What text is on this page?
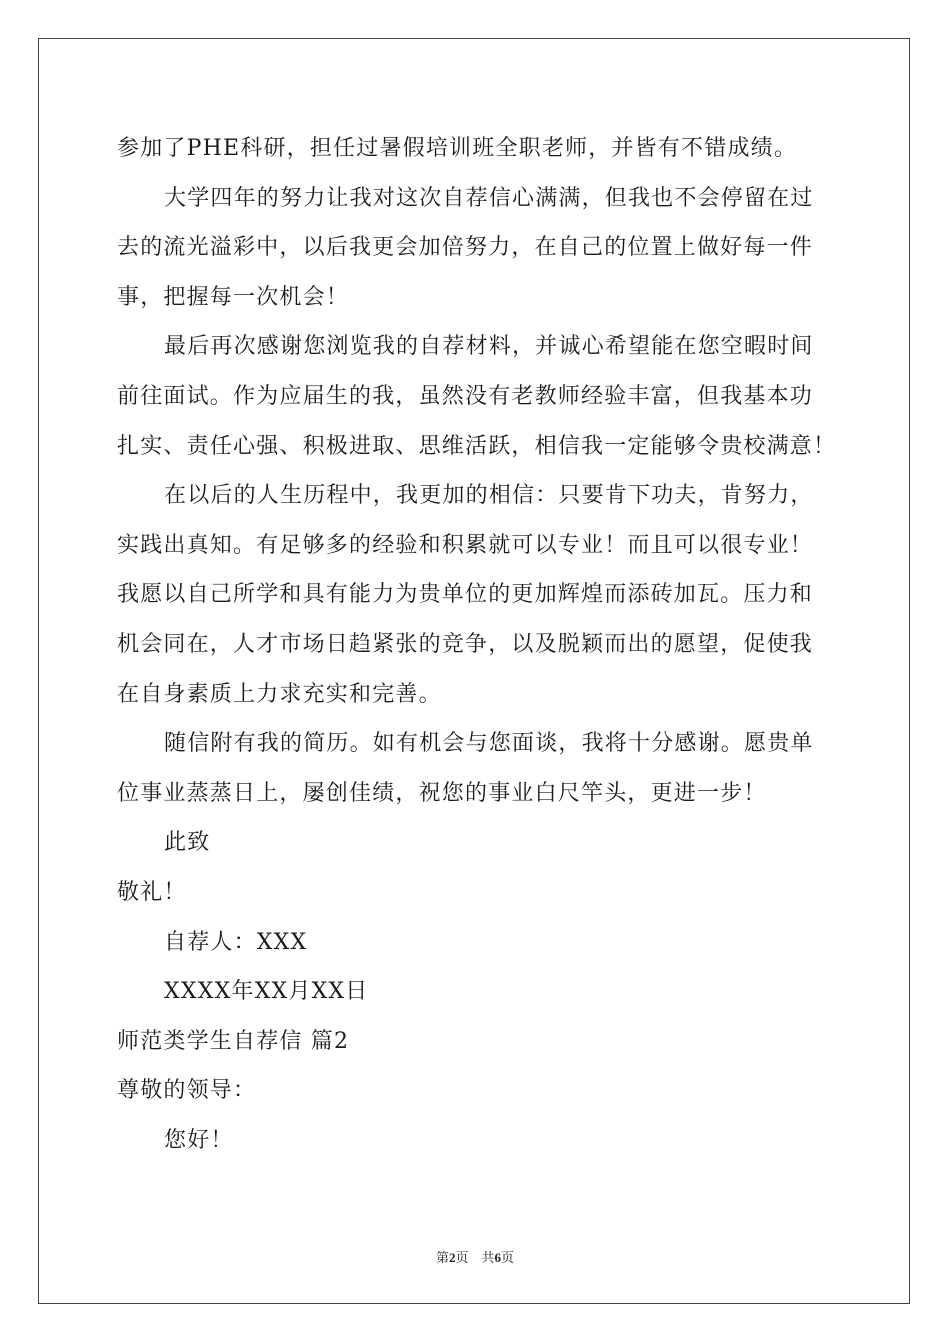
参加了PHE科研，担任过暑假培训班全职老师，并皆有不错成绩。
大学四年的努力让我对这次自荐信心满满，但我也不会停留在过
去的流光溢彩中，以后我更会加倍努力，在自己的位置上做好每一件
事，把握每一次机会！
最后再次感谢您浏览我的自荐材料，并诚心希望能在您空暇时间
前往面试。作为应届生的我，虽然没有老教师经验丰富，但我基本功
扎实、责任心强、积极进取、思维活跃，相信我一定能够令贵校满意！
在以后的人生历程中，我更加的相信：只要肯下功夫，肯努力，
实践出真知。有足够多的经验和积累就可以专业！而且可以很专业！
我愿以自己所学和具有能力为贵单位的更加辉煌而添砖加瓦。压力和
机会同在，人才市场日趋紧张的竞争，以及脱颖而出的愿望，促使我
在自身素质上力求充实和完善。
随信附有我的简历。如有机会与您面谈，我将十分感谢。愿贵单
位事业蒸蒸日上，屡创佳绩，祝您的事业白尺竿头，更进一步！
此致
敬礼！
自荐人：XXX
XXXX年XX月XX日
师范类学生自荐信 篇2
尊敬的领导：
您好！
第2页 共6页
